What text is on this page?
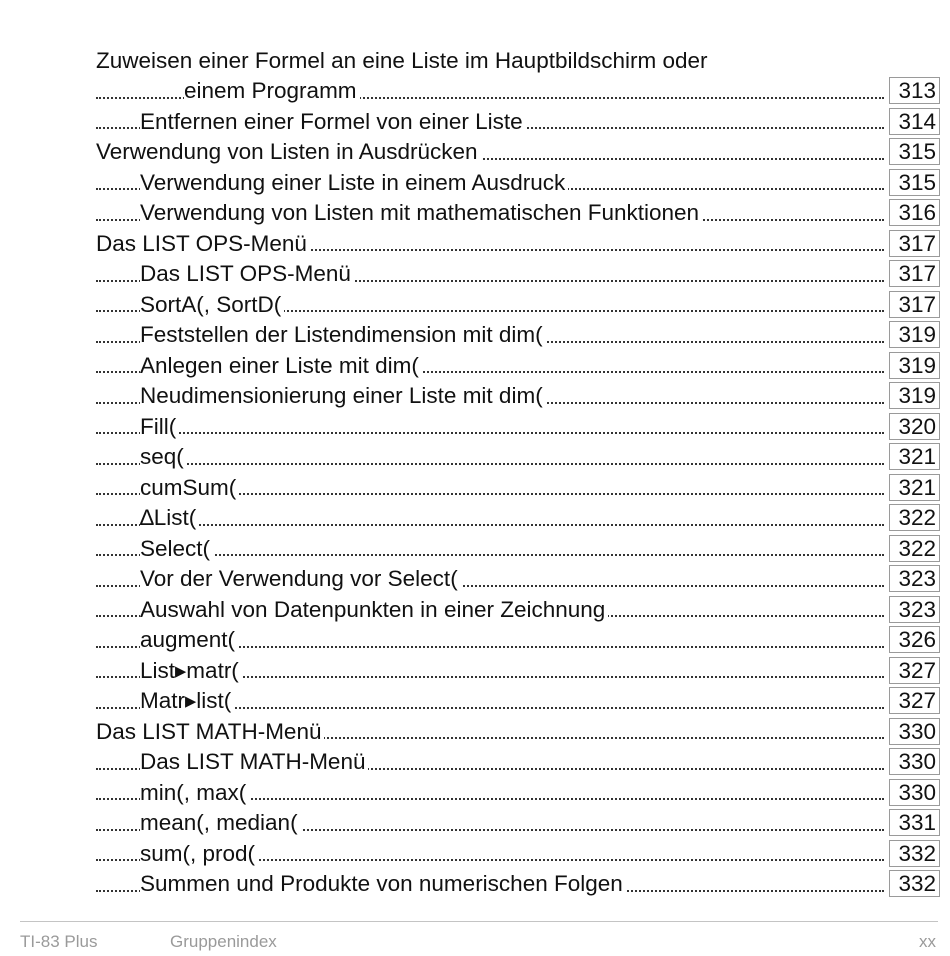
Zuweisen einer Formel an eine Liste im Hauptbildschirm oder
einem Programm	313
Entfernen einer Formel von einer Liste	314
Verwendung von Listen in Ausdrücken	315
Verwendung einer Liste in einem Ausdruck	315
Verwendung von Listen mit mathematischen Funktionen	316
Das LIST OPS-Menü	317
Das LIST OPS-Menü	317
SortA(, SortD(	317
Feststellen der Listendimension mit dim(	319
Anlegen einer Liste mit dim(	319
Neudimensionierung einer Liste mit dim(	319
Fill(	320
seq(	321
cumSum(	321
∆List(	322
Select(	322
Vor der Verwendung vor Select(	323
Auswahl von Datenpunkten in einer Zeichnung	323
augment(	326
List▸matr(	327
Matr▸list(	327
Das LIST MATH-Menü	330
Das LIST MATH-Menü	330
min(, max(	330
mean(, median(	331
sum(, prod(	332
Summen und Produkte von numerischen Folgen	332
TI-83 Plus	Gruppenindex	xx
